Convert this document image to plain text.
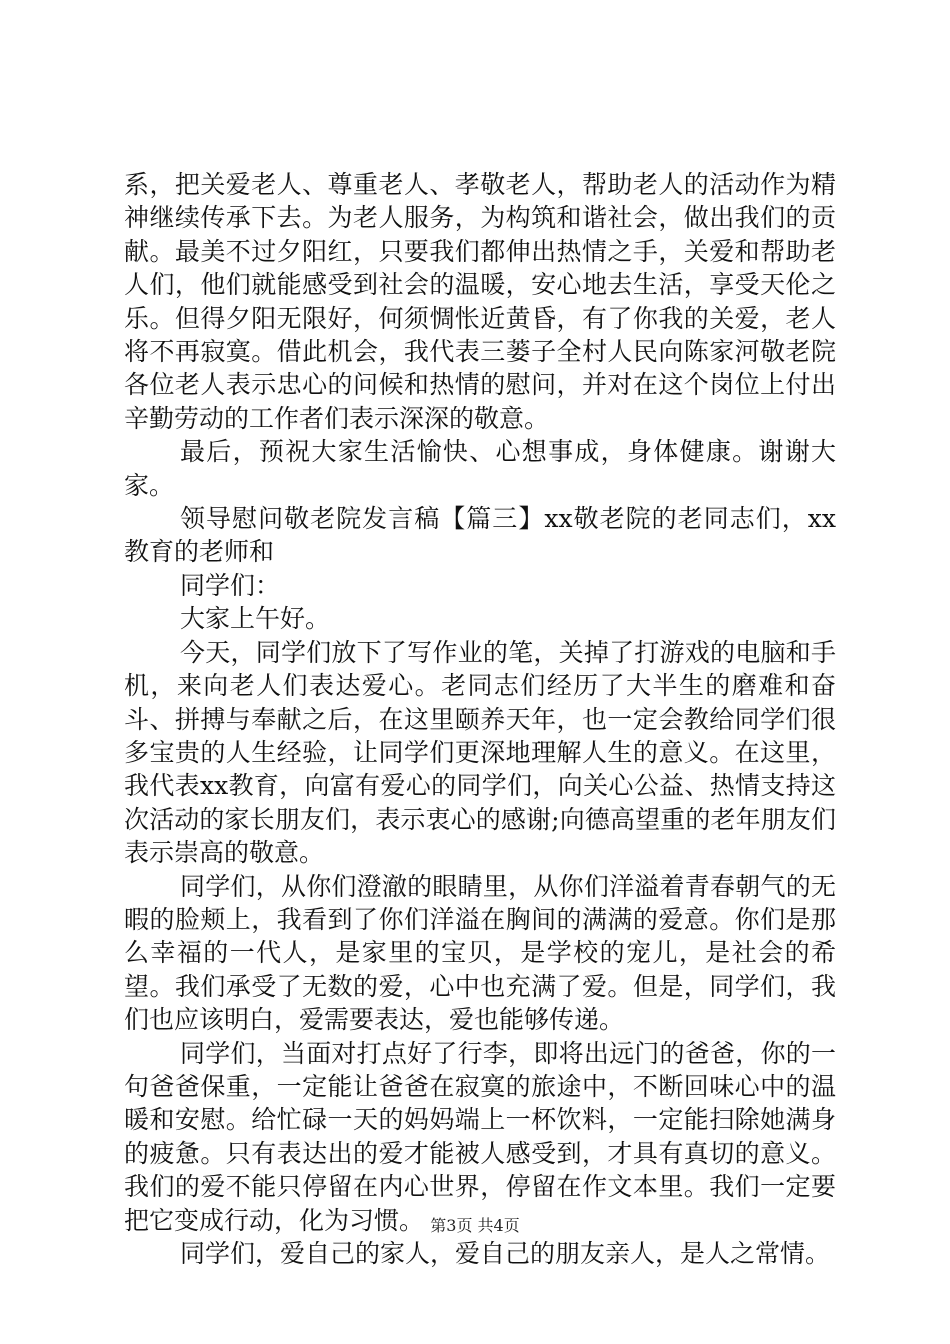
系，把关爱老人、尊重老人、孝敬老人，帮助老人的活动作为精神继续传承下去。为老人服务，为构筑和谐社会，做出我们的贡献。最美不过夕阳红，只要我们都伸出热情之手，关爱和帮助老人们，他们就能感受到社会的温暖，安心地去生活，享受天伦之乐。但得夕阳无限好，何须惆怅近黄昏，有了你我的关爱，老人将不再寂寞。借此机会，我代表三蒌子全村人民向陈家河敬老院各位老人表示忠心的问候和热情的慰问，并对在这个岗位上付出辛勤劳动的工作者们表示深深的敬意。

最后，预祝大家生活愉快、心想事成，身体健康。谢谢大家。

领导慰问敬老院发言稿【篇三】xx敬老院的老同志们，xx教育的老师和

同学们：

大家上午好。

今天，同学们放下了写作业的笔，关掉了打游戏的电脑和手机，来向老人们表达爱心。老同志们经历了大半生的磨难和奋斗、拼搏与奉献之后，在这里颐养天年，也一定会教给同学们很多宝贵的人生经验，让同学们更深地理解人生的意义。在这里，我代表xx教育，向富有爱心的同学们，向关心公益、热情支持这次活动的家长朋友们，表示衷心的感谢;向德高望重的老年朋友们表示崇高的敬意。

同学们，从你们澄澈的眼睛里，从你们洋溢着青春朝气的无暇的脸颊上，我看到了你们洋溢在胸间的满满的爱意。你们是那么幸福的一代人，是家里的宝贝，是学校的宠儿，是社会的希望。我们承受了无数的爱，心中也充满了爱。但是，同学们，我们也应该明白，爱需要表达，爱也能够传递。

同学们，当面对打点好了行李，即将出远门的爸爸，你的一句爸爸保重，一定能让爸爸在寂寞的旅途中，不断回味心中的温暖和安慰。给忙碌一天的妈妈端上一杯饮料，一定能扫除她满身的疲惫。只有表达出的爱才能被人感受到，才具有真切的意义。我们的爱不能只停留在内心世界，停留在作文本里。我们一定要把它变成行动，化为习惯。

同学们，爱自己的家人，爱自己的朋友亲人，是人之常情。

第3页 共4页
